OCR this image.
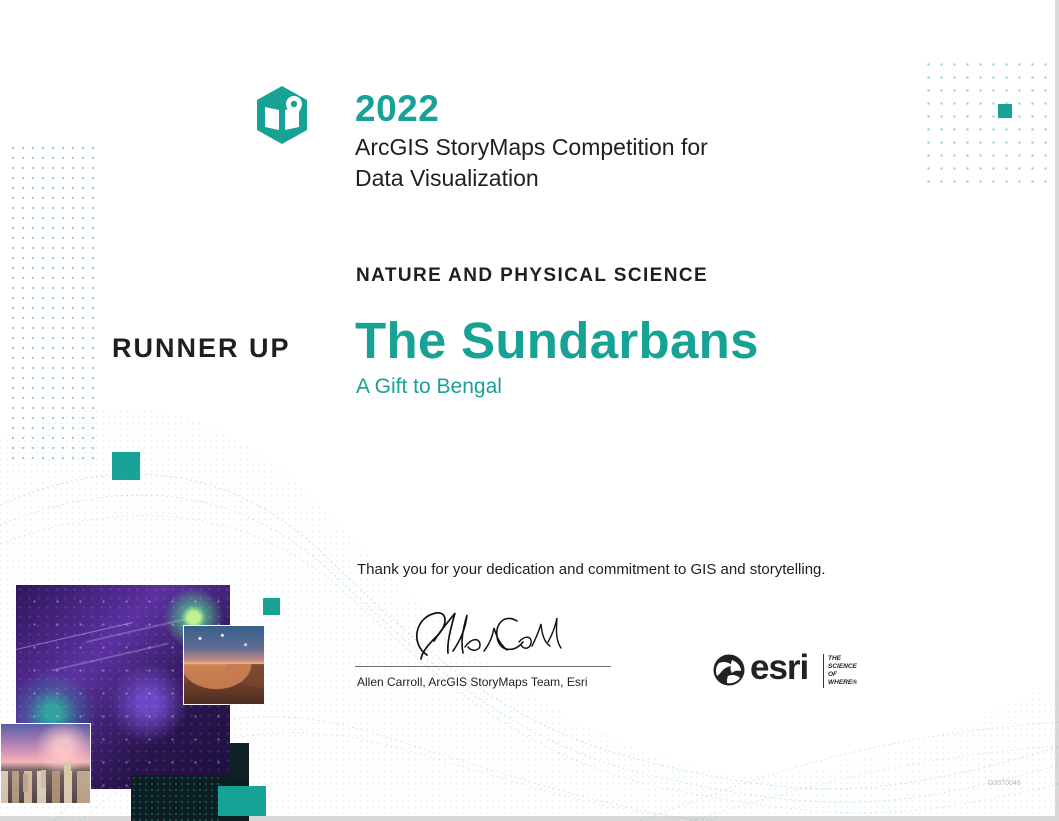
2022
ArcGIS StoryMaps Competition for
Data Visualization
NATURE AND PHYSICAL SCIENCE
RUNNER UP The Sundarbans
A Gift to Bengal
Thank you for your dedication and commitment to GIS and storytelling.
Allen Carroll, ArcGIS StoryMaps Team, Esri	esri	THE
SCIENCE
OF
WHERE®
G3370048
